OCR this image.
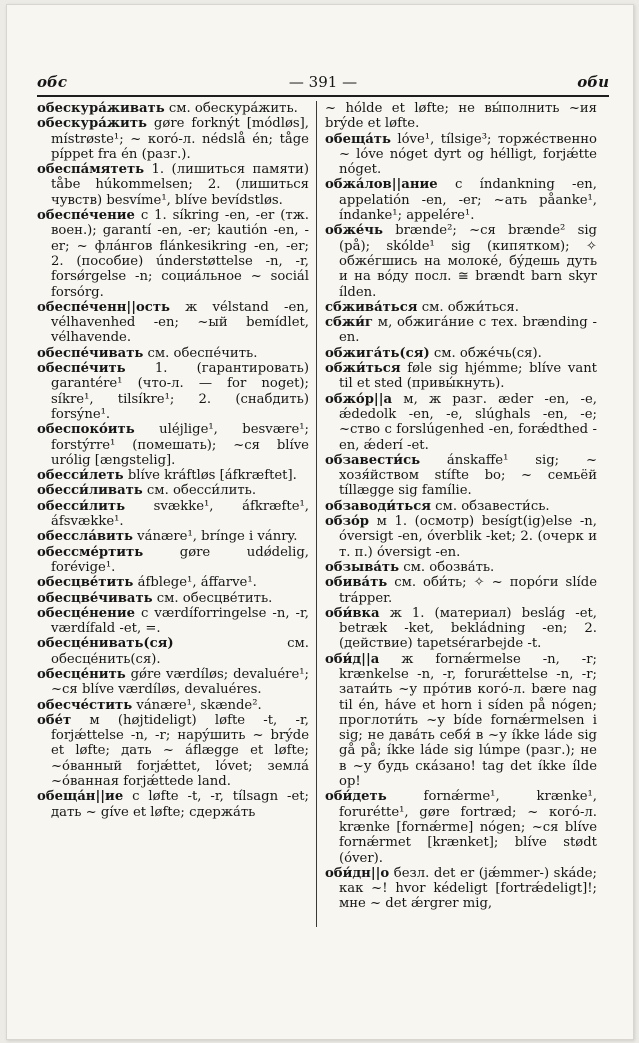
обс	— 391 —	оби

обескура́живать см. обескура́жить.

обескура́жить gøre forknýt [módløs], místrøste¹; ~ коró-л. nédslå én; tåge píppet fra én (разг.).

обеспа́мятеть 1. (лишиться памяти) tåbe húkommelsen; 2. (лишиться чувств) besvíme¹, blíve bevídstløs.

обеспе́чение с 1. síkring -en, -er (тж. воен.); garantí -en, -er; kautión -en, -er; ~ флáнгов flánkesikring -en, -er; 2. (пособие) únderstøttelse -n, -r, forsǿrgelse -n; социа́льное ~ sociál forsórg.

обеспе́ченн||ость ж vélstand -en, vélhavenhed -en; ~ый bemídlet, vélhavende.

обеспе́чивать см. обеспе́чить.

обеспе́чить 1. (гарантировать) garantére¹ (что-л. — for noget); síkre¹, tilsíkre¹; 2. (снабдить) forsýne¹.

обеспоко́ить uléjlige¹, besvære¹; forstýrre¹ (помешать); ~ся blíve urólig [ængstelig].

обесси́леть blíve kráftløs [áfkræftet].

обесси́ливать см. обесси́лить.

обесси́лить svække¹, áfkræfte¹, áfsvække¹.

обесслáвить vánære¹, brínge i vánry.

обессме́ртить gøre udǿdelig, forévige¹.

обесцве́тить áfblege¹, áffarve¹.

обесцве́чивать см. обесцве́тить.

обесце́нение с værdíforringelse -n, -r, værdífald -et, =.

обесце́нивать(ся) см. обесце́нить(ся).

обесце́нить gǿre værdíløs; devaluére¹; ~ся blíve værdíløs, devaluéres.

обесчéстить vánære¹, skænde².

обе́т м (højtideligt) løfte -t, -r, forjǽttelse -n, -r; нарýшить ~ brýde et løfte; дать ~ áflægge et løfte; ~о́ванный forjǽttet, lóvet; землá ~о́ванная forjǽttede land.

обеща́н||ие с løfte -t, -r, tílsagn -et; дать ~ gíve et løfte; сдержáть

~ hólde et løfte; не вы́полнить ~ия brýde et løfte.

обеща́ть lóve¹, tílsige³; торжéственно ~ lóve nóget dyrt og hélligt, forjǽtte nóget.

обжа́лов||ание с índankning -en, appelatión -en, -er; ~ать påanke¹, índanke¹; appelére¹.

обже́чь brænde²; ~ся brænde² sig (på); skólde¹ sig (кипятком); ✧ обжéгшись на молокé, бýдешь дуть и на вóду посл. ≅ brændt barn skyr ílden.

сбжива́ться см. обжи́ться.

сбжи́г м, обжига́ние с тех. brænding -en.

обжига́ть(ся) см. обже́чь(ся).

обжи́ться føle sig hjémme; blíve vant til et sted (привы́кнуть).

обжо́р||а м, ж разг. æder -en, -e, ǽdedolk -en, -e, slúghals -en, -e; ~ство с forslúgenhed -en, forǽdthed -en, ǽderí -et.

обзавести́сь ánskaffe¹ sig; ~ хозя́йством stífte bo; ~ семьёй tíllægge sig famílie.

обзаводи́ться см. обзавести́сь.

обзо́р м 1. (осмотр) besígt(ig)else -n, óversigt -en, óverblik -ket; 2. (очерк и т. п.) óversigt -en.

обзыва́ть см. обозва́ть.

обива́ть см. оби́ть; ✧ ~ порóги slíde trápper.

оби́вка ж 1. (материал) beslág -et, betræk -ket, bekládning -en; 2. (действие) tapetsérarbejde -t.

оби́д||а ж fornǽrmelse -n, -r; krænkelse -n, -r, forurǽttelse -n, -r; затаи́ть ~у прóтив когó-л. bære nag til én, háve et horn i síden på nógen; проглоти́ть ~у bíde fornǽrmelsen i sig; не дава́ть себя́ в ~у íkke láde sig gå på; íkke láde sig lúmpe (разг.); не в ~у будь скáзано! tag det íkke ílde op!

оби́деть fornǽrme¹, krænke¹, forurétte¹, gøre fortræd; ~ когó-л. krænke [fornǽrme] nógen; ~ся blíve fornǽrmet [krænket]; blíve stødt (óver).

оби́дн||о безл. det er (jǽmmer-) skáde; как ~! hvor kédeligt [fortrǽdeligt]!; мне ~ det ǽrgrer mig,
